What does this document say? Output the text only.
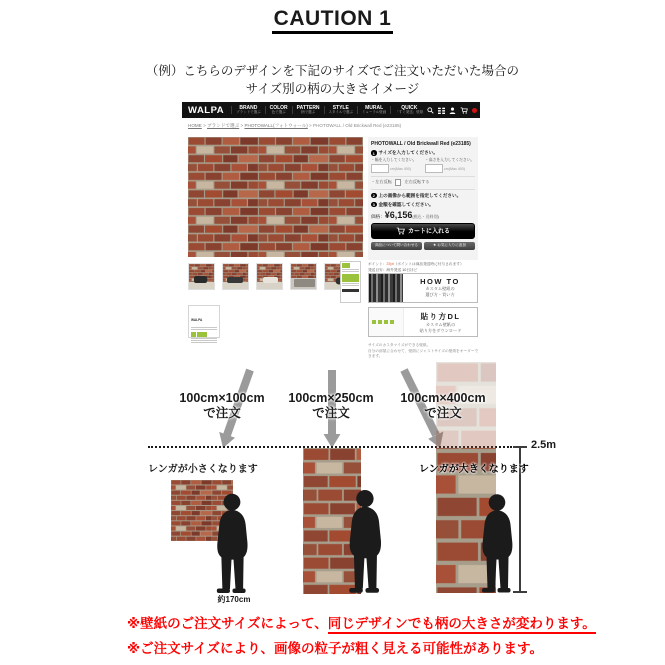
CAUTION 1
（例）こちらのデザインを下記のサイズでご注文いただいた場合の
サイズ別の柄の大きさイメージ
WALPA	BRAND
ブランドで選ぶ
COLOR
色で選ぶ
PATTERN
柄で選ぶ
STYLE
スタイルで選ぶ
MURAL
ミューラル壁画
QUICK
「すぐ発送」壁紙
HOME > ブランドで選ぶ > PHOTOWALL(フォトウォール) > PHOTOWALL / Old Brickwall Red (e23185)
PHOTOWALL / Old Brickwall Red (e23185)
1 サイズを入力してください。
・幅を入力してください。
cm(Max 400)
・高さを入力してください。
cm(Max 400)
・左右反転	左右反転する
2 上の画像から範囲を指定してください。
3 金額を確認してください。
価格：¥6,156(税込・送料別)
カートに入れる
商品について問い合わせる	★ お気に入りに追加
WALPA
ポイント：37pt（ポイントは商品発送時に付与されます）
発送目安：海外発送 10日ほど
HOW TO
カスタム壁紙の
選び方・買い方
貼り方DL
カスタム壁紙の
貼り方をダウンロード
サイズのカスタマイズができる壁紙。
自分の部屋に合わせて、壁面にジャストサイズの壁紙をオーダーできます。
100cm×100cm
で注文
100cm×250cm
で注文
100cm×400cm
で注文
2.5m
レンガが小さくなります	レンガが大きくなります
約170cm
※壁紙のご注文サイズによって、同じデザインでも柄の大きさが変わります。
※ご注文サイズにより、画像の粒子が粗く見える可能性があります。
